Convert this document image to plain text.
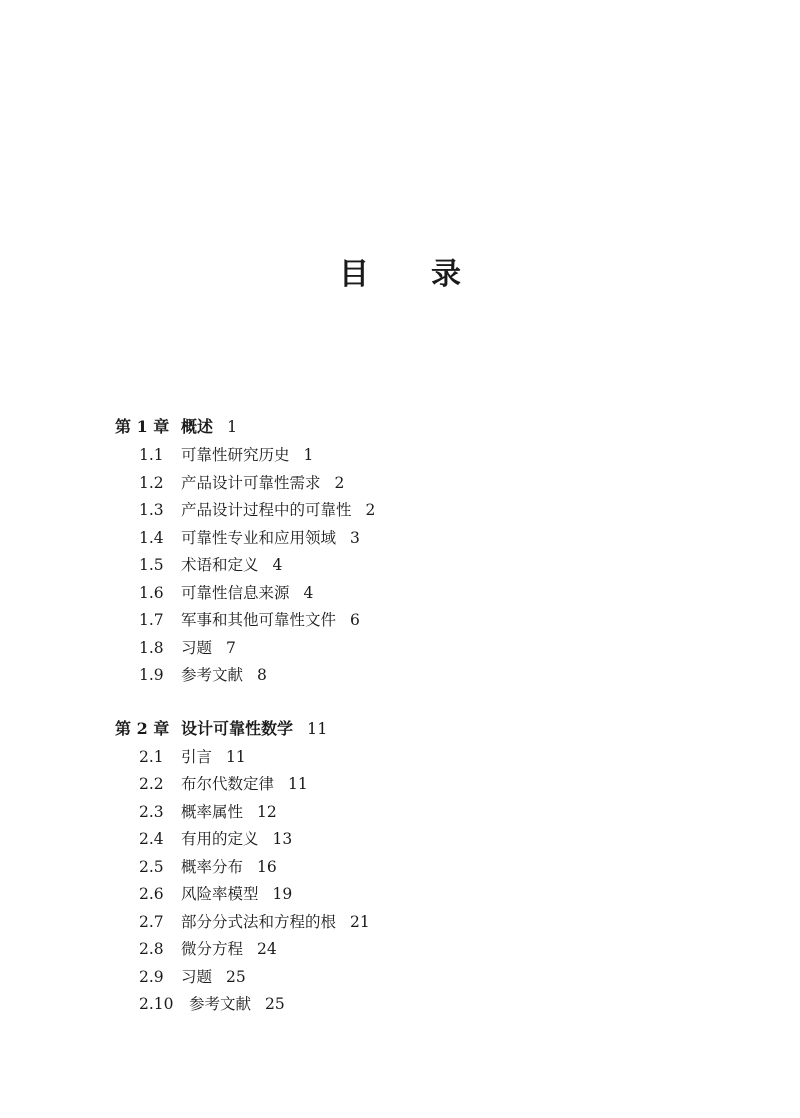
目 录
第 1 章 概述 1
1.1 可靠性研究历史 1
1.2 产品设计可靠性需求 2
1.3 产品设计过程中的可靠性 2
1.4 可靠性专业和应用领域 3
1.5 术语和定义 4
1.6 可靠性信息来源 4
1.7 军事和其他可靠性文件 6
1.8 习题 7
1.9 参考文献 8
第 2 章 设计可靠性数学 11
2.1 引言 11
2.2 布尔代数定律 11
2.3 概率属性 12
2.4 有用的定义 13
2.5 概率分布 16
2.6 风险率模型 19
2.7 部分分式法和方程的根 21
2.8 微分方程 24
2.9 习题 25
2.10 参考文献 25
